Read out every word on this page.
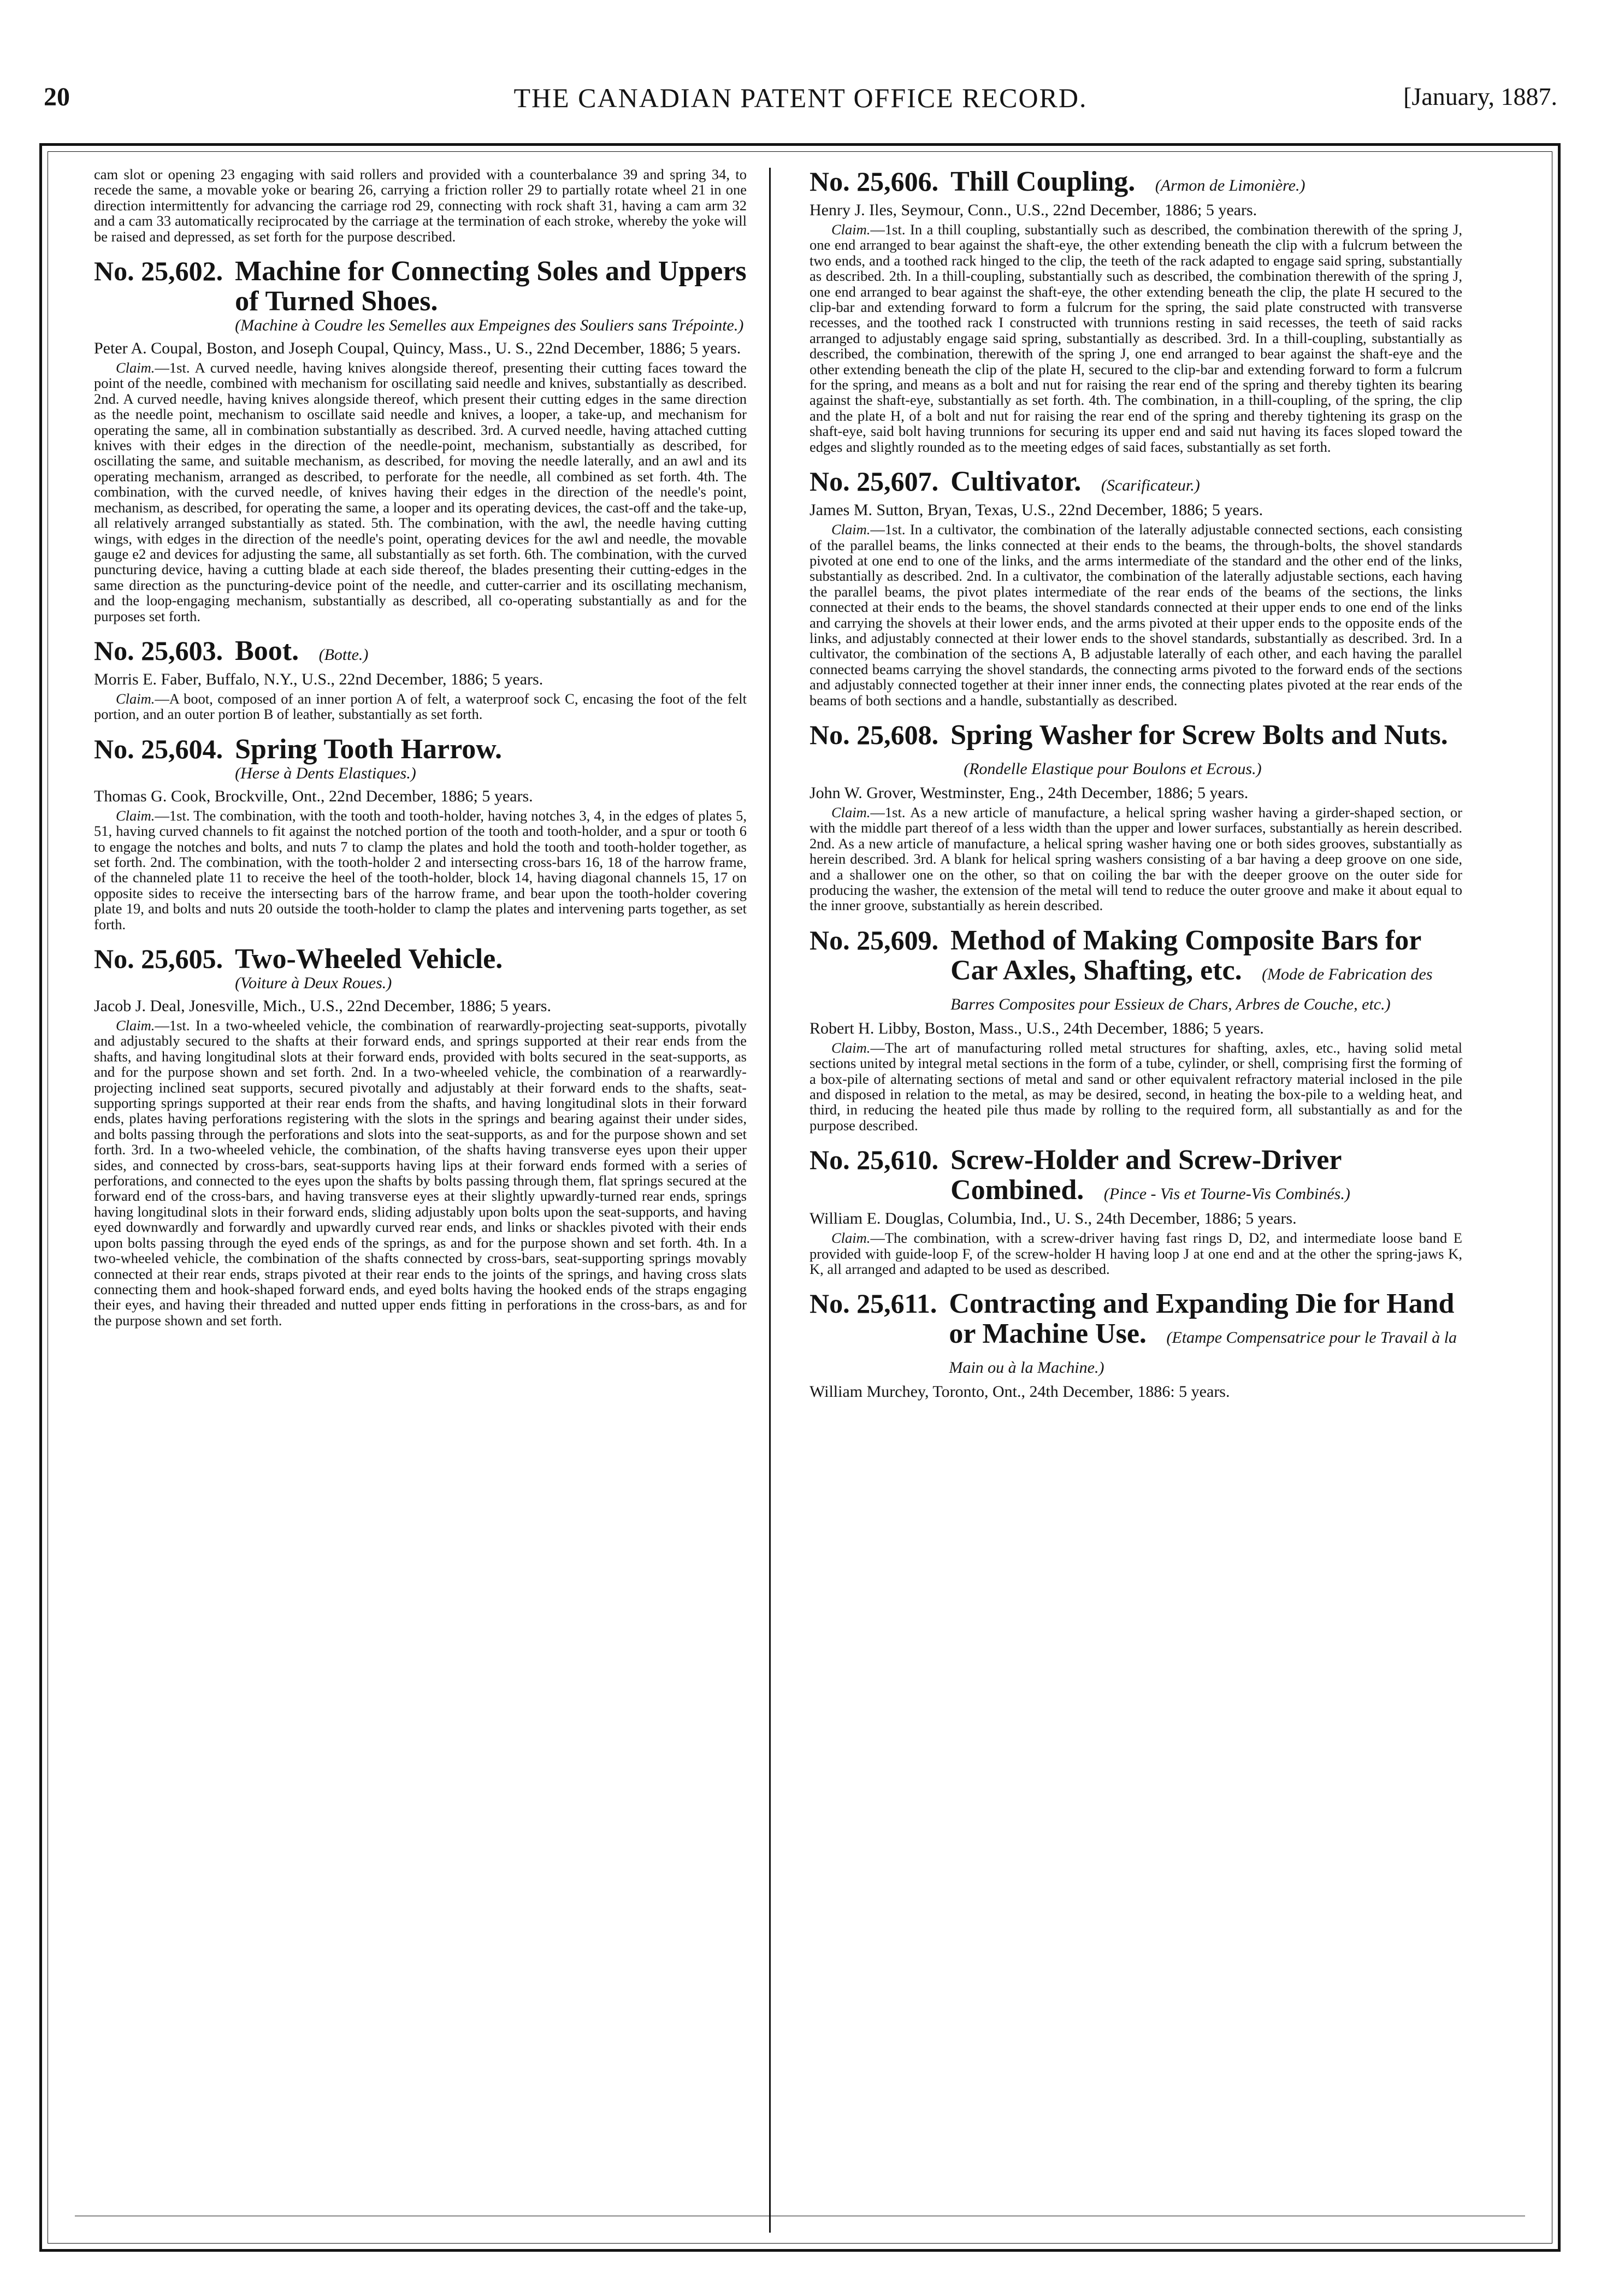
20	THE CANADIAN PATENT OFFICE RECORD.	[January, 1887.

cam slot or opening 23 engaging with said rollers and provided with a counterbalance 39 and spring 34, to recede the same, a movable yoke or bearing 26, carrying a friction roller 29 to partially rotate wheel 21 in one direction intermittently for advancing the carriage rod 29, connecting with rock shaft 31, having a cam arm 32 and a cam 33 automatically reciprocated by the carriage at the termination of each stroke, whereby the yoke will be raised and depressed, as set forth for the purpose described.

No. 25,602. Machine for Connecting Soles and Uppers of Turned Shoes.
(Machine à Coudre les Semelles aux Empeignes des Souliers sans Trépointe.)
Peter A. Coupal, Boston, and Joseph Coupal, Quincy, Mass., U. S., 22nd December, 1886; 5 years.

Claim.—1st. A curved needle, having knives alongside thereof, presenting their cutting faces toward the point of the needle, combined with mechanism for oscillating said needle and knives, substantially as described. 2nd. A curved needle, having knives alongside thereof, which present their cutting edges in the same direction as the needle point, mechanism to oscillate said needle and knives, a looper, a take-up, and mechanism for operating the same, all in combination substantially as described. 3rd. A curved needle, having attached cutting knives with their edges in the direction of the needle-point, mechanism, substantially as described, for oscillating the same, and suitable mechanism, as described, for moving the needle laterally, and an awl and its operating mechanism, arranged as described, to perforate for the needle, all combined as set forth. 4th. The combination, with the curved needle, of knives having their edges in the direction of the needle's point, mechanism, as described, for operating the same, a looper and its operating devices, the cast-off and the take-up, all relatively arranged substantially as stated. 5th. The combination, with the awl, the needle having cutting wings, with edges in the direction of the needle's point, operating devices for the awl and needle, the movable gauge e2 and devices for adjusting the same, all substantially as set forth. 6th. The combination, with the curved puncturing device, having a cutting blade at each side thereof, the blades presenting their cutting-edges in the same direction as the puncturing-device point of the needle, and cutter-carrier and its oscillating mechanism, and the loop-engaging mechanism, substantially as described, all co-operating substantially as and for the purposes set forth.

No. 25,603. Boot. (Botte.)
Morris E. Faber, Buffalo, N.Y., U.S., 22nd December, 1886; 5 years.

Claim.—A boot, composed of an inner portion A of felt, a waterproof sock C, encasing the foot of the felt portion, and an outer portion B of leather, substantially as set forth.

No. 25,604. Spring Tooth Harrow.
(Herse à Dents Elastiques.)
Thomas G. Cook, Brockville, Ont., 22nd December, 1886; 5 years.

Claim.—1st. The combination, with the tooth and tooth-holder, having notches 3, 4, in the edges of plates 5, 51, having curved channels to fit against the notched portion of the tooth and tooth-holder, and a spur or tooth 6 to engage the notches and bolts, and nuts 7 to clamp the plates and hold the tooth and tooth-holder together, as set forth. 2nd. The combination, with the tooth-holder 2 and intersecting cross-bars 16, 18 of the harrow frame, of the channeled plate 11 to receive the heel of the tooth-holder, block 14, having diagonal channels 15, 17 on opposite sides to receive the intersecting bars of the harrow frame, and bear upon the tooth-holder covering plate 19, and bolts and nuts 20 outside the tooth-holder to clamp the plates and intervening parts together, as set forth.

No. 25,605. Two-Wheeled Vehicle.
(Voiture à Deux Roues.)
Jacob J. Deal, Jonesville, Mich., U.S., 22nd December, 1886; 5 years.

Claim.—1st. In a two-wheeled vehicle, the combination of rearwardly-projecting seat-supports, pivotally and adjustably secured to the shafts at their forward ends, and springs supported at their rear ends from the shafts, and having longitudinal slots at their forward ends, provided with bolts secured in the seat-supports, as and for the purpose shown and set forth. 2nd. In a two-wheeled vehicle, the combination of a rearwardly-projecting inclined seat supports, secured pivotally and adjustably at their forward ends to the shafts, seat-supporting springs supported at their rear ends from the shafts, and having longitudinal slots in their forward ends, plates having perforations registering with the slots in the springs and bearing against their under sides, and bolts passing through the perforations and slots into the seat-supports, as and for the purpose shown and set forth. 3rd. In a two-wheeled vehicle, the combination, of the shafts having transverse eyes upon their upper sides, and connected by cross-bars, seat-supports having lips at their forward ends formed with a series of perforations, and connected to the eyes upon the shafts by bolts passing through them, flat springs secured at the forward end of the cross-bars, and having transverse eyes at their slightly upwardly-turned rear ends, springs having longitudinal slots in their forward ends, sliding adjustably upon bolts upon the seat-supports, and having eyed downwardly and forwardly and upwardly curved rear ends, and links or shackles pivoted with their ends upon bolts passing through the eyed ends of the springs, as and for the purpose shown and set forth. 4th. In a two-wheeled vehicle, the combination of the shafts connected by cross-bars, seat-supporting springs movably connected at their rear ends, straps pivoted at their rear ends to the joints of the springs, and having cross slats connecting them and hook-shaped forward ends, and eyed bolts having the hooked ends of the straps engaging their eyes, and having their threaded and nutted upper ends fitting in perforations in the cross-bars, as and for the purpose shown and set forth.

No. 25,606. Thill Coupling. (Armon de Limonière.)
Henry J. Iles, Seymour, Conn., U.S., 22nd December, 1886; 5 years.

Claim.—1st. In a thill coupling, substantially such as described, the combination therewith of the spring J, one end arranged to bear against the shaft-eye, the other extending beneath the clip with a fulcrum between the two ends, and a toothed rack hinged to the clip, the teeth of the rack adapted to engage said spring, substantially as described. 2th. In a thill-coupling, substantially such as described, the combination therewith of the spring J, one end arranged to bear against the shaft-eye, the other extending beneath the clip, the plate H secured to the clip-bar and extending forward to form a fulcrum for the spring, the said plate constructed with transverse recesses, and the toothed rack I constructed with trunnions resting in said recesses, the teeth of said racks arranged to adjustably engage said spring, substantially as described. 3rd. In a thill-coupling, substantially as described, the combination, therewith of the spring J, one end arranged to bear against the shaft-eye and the other extending beneath the clip of the plate H, secured to the clip-bar and extending forward to form a fulcrum for the spring, and means as a bolt and nut for raising the rear end of the spring and thereby tighten its bearing against the shaft-eye, substantially as set forth. 4th. The combination, in a thill-coupling, of the spring, the clip and the plate H, of a bolt and nut for raising the rear end of the spring and thereby tightening its grasp on the shaft-eye, said bolt having trunnions for securing its upper end and said nut having its faces sloped toward the edges and slightly rounded as to the meeting edges of said faces, substantially as set forth.

No. 25,607. Cultivator. (Scarificateur.)
James M. Sutton, Bryan, Texas, U.S., 22nd December, 1886; 5 years.

Claim.—1st. In a cultivator, the combination of the laterally adjustable connected sections, each consisting of the parallel beams, the links connected at their ends to the beams, the through-bolts, the shovel standards pivoted at one end to one of the links, and the arms intermediate of the standard and the other end of the links, substantially as described. 2nd. In a cultivator, the combination of the laterally adjustable sections, each having the parallel beams, the pivot plates intermediate of the rear ends of the beams of the sections, the links connected at their ends to the beams, the shovel standards connected at their upper ends to one end of the links and carrying the shovels at their lower ends, and the arms pivoted at their upper ends to the opposite ends of the links, and adjustably connected at their lower ends to the shovel standards, substantially as described. 3rd. In a cultivator, the combination of the sections A, B adjustable laterally of each other, and each having the parallel connected beams carrying the shovel standards, the connecting arms pivoted to the forward ends of the sections and adjustably connected together at their inner inner ends, the connecting plates pivoted at the rear ends of the beams of both sections and a handle, substantially as described.

No. 25,608. Spring Washer for Screw Bolts and Nuts. (Rondelle Elastique pour Boulons et Ecrous.)
John W. Grover, Westminster, Eng., 24th December, 1886; 5 years.

Claim.—1st. As a new article of manufacture, a helical spring washer having a girder-shaped section, or with the middle part thereof of a less width than the upper and lower surfaces, substantially as herein described. 2nd. As a new article of manufacture, a helical spring washer having one or both sides grooves, substantially as herein described. 3rd. A blank for helical spring washers consisting of a bar having a deep groove on one side, and a shallower one on the other, so that on coiling the bar with the deeper groove on the outer side for producing the washer, the extension of the metal will tend to reduce the outer groove and make it about equal to the inner groove, substantially as herein described.

No. 25,609. Method of Making Composite Bars for Car Axles, Shafting, etc. (Mode de Fabrication des Barres Composites pour Essieux de Chars, Arbres de Couche, etc.)
Robert H. Libby, Boston, Mass., U.S., 24th December, 1886; 5 years.

Claim.—The art of manufacturing rolled metal structures for shafting, axles, etc., having solid metal sections united by integral metal sections in the form of a tube, cylinder, or shell, comprising first the forming of a box-pile of alternating sections of metal and sand or other equivalent refractory material inclosed in the pile and disposed in relation to the metal, as may be desired, second, in heating the box-pile to a welding heat, and third, in reducing the heated pile thus made by rolling to the required form, all substantially as and for the purpose described.

No. 25,610. Screw-Holder and Screw-Driver Combined. (Pince - Vis et Tourne-Vis Combinés.)
William E. Douglas, Columbia, Ind., U. S., 24th December, 1886; 5 years.

Claim.—The combination, with a screw-driver having fast rings D, D2, and intermediate loose band E provided with guide-loop F, of the screw-holder H having loop J at one end and at the other the spring-jaws K, K, all arranged and adapted to be used as described.

No. 25,611. Contracting and Expanding Die for Hand or Machine Use. (Etampe Compensatrice pour le Travail à la Main ou à la Machine.)
William Murchey, Toronto, Ont., 24th December, 1886: 5 years.
